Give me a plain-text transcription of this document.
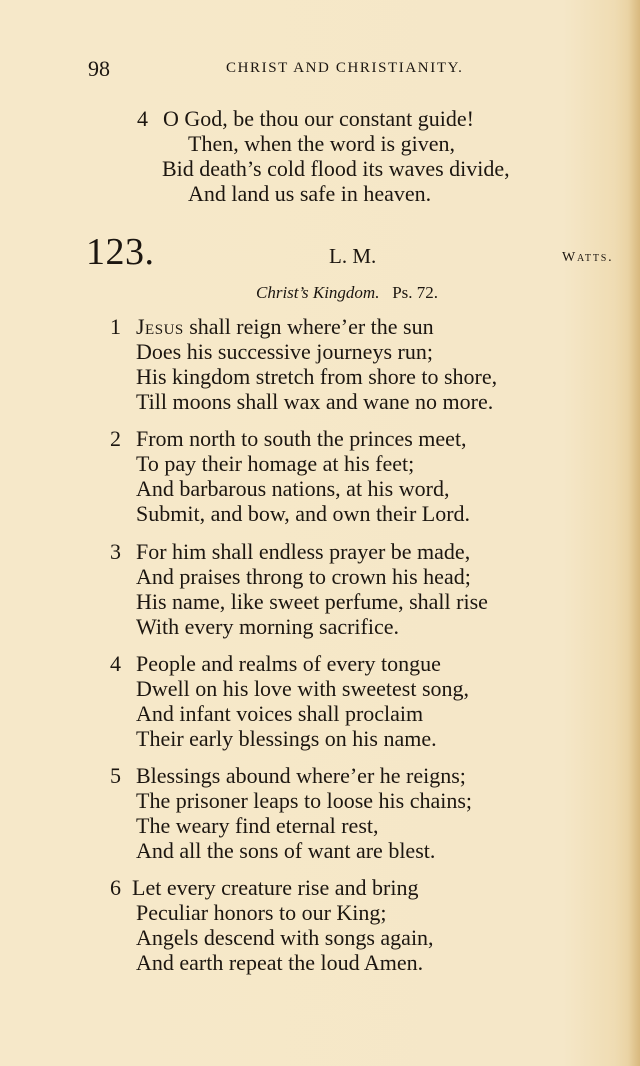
98	CHRIST AND CHRISTIANITY.
4 O God, be thou our constant guide!
Then, when the word is given,
Bid death’s cold flood its waves divide,
And land us safe in heaven.
123.	L. M.	Watts.
Christ’s Kingdom. Ps. 72.
1 Jesus shall reign where’er the sun
Does his successive journeys run;
His kingdom stretch from shore to shore,
Till moons shall wax and wane no more.
2 From north to south the princes meet,
To pay their homage at his feet;
And barbarous nations, at his word,
Submit, and bow, and own their Lord.
3 For him shall endless prayer be made,
And praises throng to crown his head;
His name, like sweet perfume, shall rise
With every morning sacrifice.
4 People and realms of every tongue
Dwell on his love with sweetest song,
And infant voices shall proclaim
Their early blessings on his name.
5 Blessings abound where’er he reigns;
The prisoner leaps to loose his chains;
The weary find eternal rest,
And all the sons of want are blest.
6 Let every creature rise and bring
Peculiar honors to our King;
Angels descend with songs again,
And earth repeat the loud Amen.
